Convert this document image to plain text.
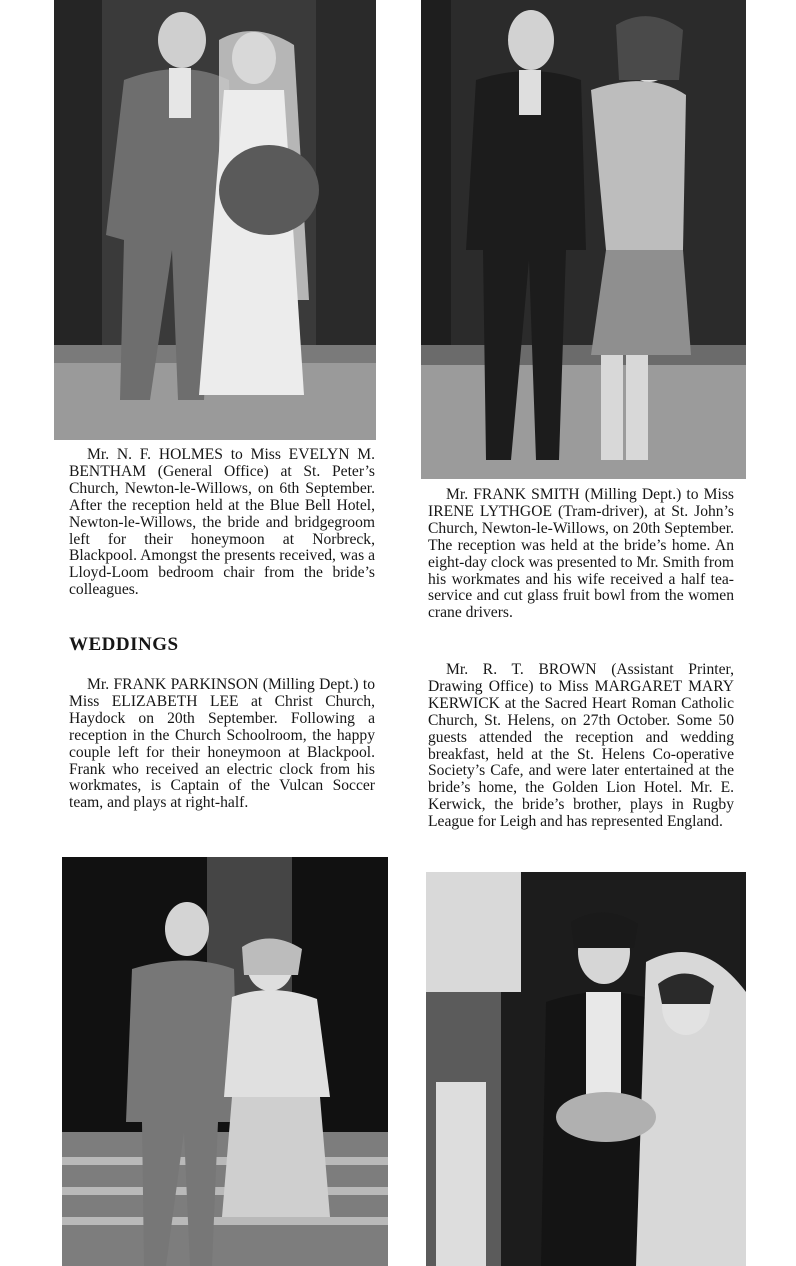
Mr. N. F. HOLMES to Miss EVELYN M. BENTHAM (General Office) at St. Peter’s Church, Newton-le-Willows, on 6th September. After the reception held at the Blue Bell Hotel, Newton-le-Willows, the bride and bridgegroom left for their honeymoon at Norbreck, Blackpool. Amongst the presents received, was a Lloyd-Loom bedroom chair from the bride’s colleagues.

WEDDINGS

Mr. FRANK PARKINSON (Milling Dept.) to Miss ELIZABETH LEE at Christ Church, Haydock on 20th September. Following a reception in the Church Schoolroom, the happy couple left for their honeymoon at Blackpool. Frank who received an electric clock from his workmates, is Captain of the Vulcan Soccer team, and plays at right-half.

Mr. FRANK SMITH (Milling Dept.) to Miss IRENE LYTHGOE (Tram-driver), at St. John’s Church, Newton-le-Willows, on 20th September. The reception was held at the bride’s home. An eight-day clock was presented to Mr. Smith from his workmates and his wife received a half tea-service and cut glass fruit bowl from the women crane drivers.

Mr. R. T. BROWN (Assistant Printer, Drawing Office) to Miss MARGARET MARY KERWICK at the Sacred Heart Roman Catholic Church, St. Helens, on 27th October. Some 50 guests attended the reception and wedding breakfast, held at the St. Helens Co-operative Society’s Cafe, and were later entertained at the bride’s home, the Golden Lion Hotel. Mr. E. Kerwick, the bride’s brother, plays in Rugby League for Leigh and has represented England.
